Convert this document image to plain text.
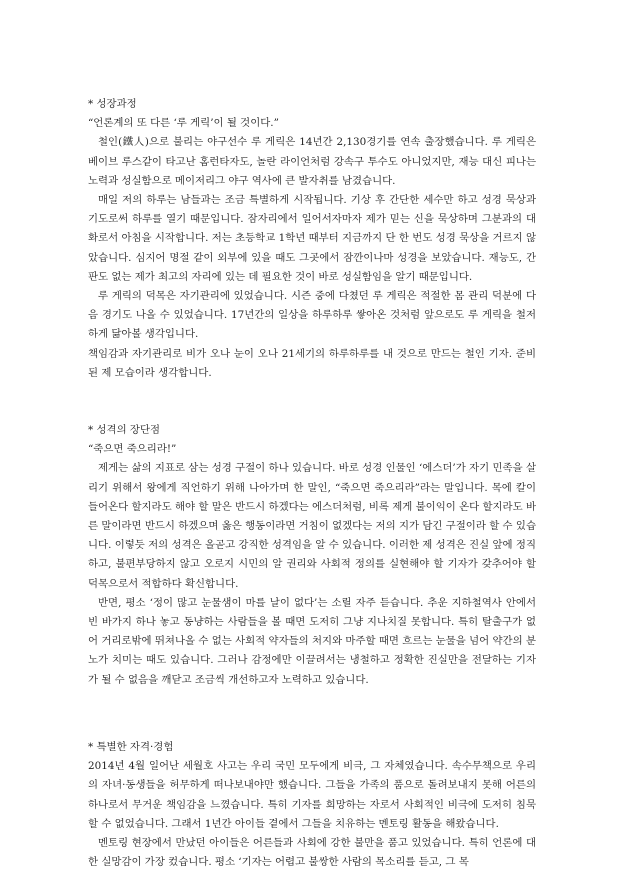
* 성장과정
“언론계의 또 다른 ‘루 게릭’이 될 것이다.”

철인(鐵人)으로 불리는 야구선수 루 게릭은 14년간 2,130경기를 연속 출장했습니다. 루 게릭은 베이브 루스같이 타고난 홈런타자도, 놀란 라이언처럼 강속구 투수도 아니었지만, 재능 대신 피나는 노력과 성실함으로 메이저리그 야구 역사에 큰 발자취를 남겼습니다.

매일 저의 하루는 남들과는 조금 특별하게 시작됩니다. 기상 후 간단한 세수만 하고 성경 묵상과 기도로써 하루를 열기 때문입니다. 잠자리에서 일어서자마자 제가 믿는 신을 묵상하며 그분과의 대화로서 아침을 시작합니다. 저는 초등학교 1학년 때부터 지금까지 단 한 번도 성경 묵상을 거르지 않았습니다. 심지어 명절 같이 외부에 있을 때도 그곳에서 잠깐이나마 성경을 보았습니다. 재능도, 간판도 없는 제가 최고의 자리에 있는 데 필요한 것이 바로 성실함임을 알기 때문입니다.

루 게릭의 덕목은 자기관리에 있었습니다. 시즌 중에 다쳤던 루 게릭은 적절한 몸 관리 덕분에 다음 경기도 나올 수 있었습니다. 17년간의 일상을 하루하루 쌓아온 것처럼 앞으로도 루 게릭을 철저하게 닮아볼 생각입니다.

책임감과 자기관리로 비가 오나 눈이 오나 21세기의 하루하루를 내 것으로 만드는 철인 기자. 준비된 제 모습이라 생각합니다.

* 성격의 장단점
“죽으면 죽으리라!”

제게는 삶의 지표로 삼는 성경 구절이 하나 있습니다. 바로 성경 인물인 ‘에스더’가 자기 민족을 살리기 위해서 왕에게 직언하기 위해 나아가며 한 말인, “죽으면 죽으리라”라는 말입니다. 목에 칼이 들어온다 할지라도 해야 할 말은 반드시 하겠다는 에스더처럼, 비록 제게 불이익이 온다 할지라도 바른 말이라면 반드시 하겠으며 옳은 행동이라면 거침이 없겠다는 저의 지가 담긴 구절이라 할 수 있습니다. 이렇듯 저의 성격은 올곧고 강직한 성격임을 알 수 있습니다. 이러한 제 성격은 진실 앞에 정직하고, 불편부당하지 않고 오로지 시민의 알 권리와 사회적 정의를 실현해야 할 기자가 갖추어야 할 덕목으로서 적합하다 확신합니다.

반면, 평소 ‘정이 많고 눈물샘이 마를 날이 없다’는 소릴 자주 듣습니다. 추운 지하철역사 안에서 빈 바가지 하나 놓고 동냥하는 사람들을 볼 때면 도저히 그냥 지나치질 못합니다. 특히 탈출구가 없어 거리로밖에 뛰쳐나올 수 없는 사회적 약자들의 처지와 마주할 때면 흐르는 눈물을 넘어 약간의 분노가 치미는 때도 있습니다. 그러나 감정에만 이끌려서는 냉철하고 정확한 진실만을 전달하는 기자가 될 수 없음을 깨닫고 조금씩 개선하고자 노력하고 있습니다.

* 특별한 자격·경험

2014년 4월 일어난 세월호 사고는 우리 국민 모두에게 비극, 그 자체였습니다. 속수무책으로 우리의 자녀·동생들을 허무하게 떠나보내야만 했습니다. 그들을 가족의 품으로 돌려보내지 못해 어른의 하나로서 무거운 책임감을 느꼈습니다. 특히 기자를 희망하는 자로서 사회적인 비극에 도저히 침묵할 수 없었습니다. 그래서 1년간 아이들 곁에서 그들을 치유하는 멘토링 활동을 해왔습니다.

멘토링 현장에서 만났던 아이들은 어른들과 사회에 강한 불만을 품고 있었습니다. 특히 언론에 대한 실망감이 가장 컸습니다. 평소 ‘기자는 어렵고 불쌍한 사람의 목소리를 듣고, 그 목
